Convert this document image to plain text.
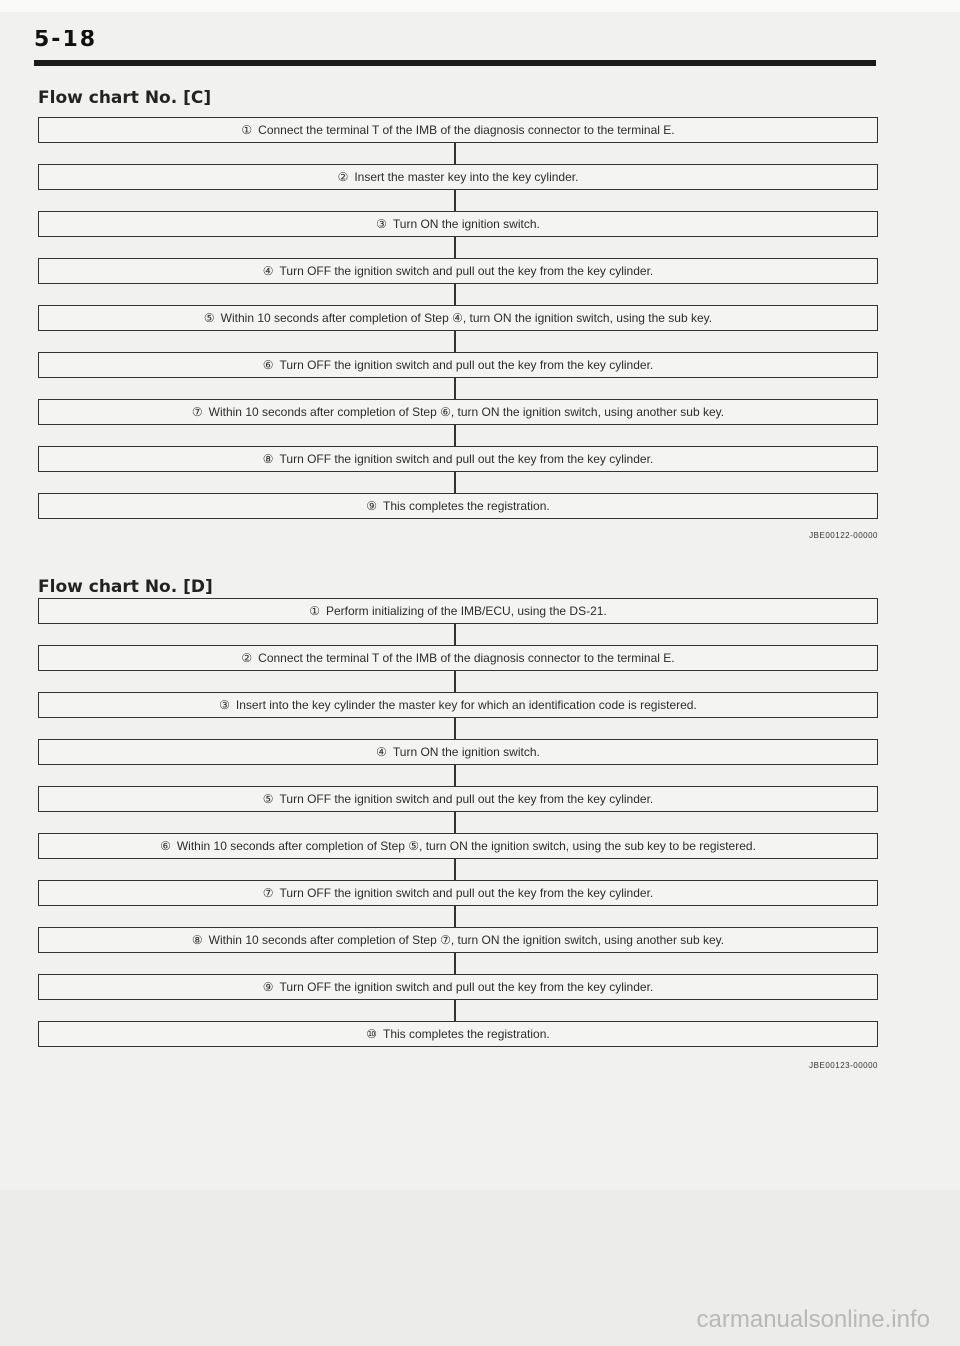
5-18
Flow chart No. [C]
① Connect the terminal T of the IMB of the diagnosis connector to the terminal E.
② Insert the master key into the key cylinder.
③ Turn ON the ignition switch.
④ Turn OFF the ignition switch and pull out the key from the key cylinder.
⑤ Within 10 seconds after completion of Step ④, turn ON the ignition switch, using the sub key.
⑥ Turn OFF the ignition switch and pull out the key from the key cylinder.
⑦ Within 10 seconds after completion of Step ⑥, turn ON the ignition switch, using another sub key.
⑧ Turn OFF the ignition switch and pull out the key from the key cylinder.
⑨ This completes the registration.
JBE00122-00000
Flow chart No. [D]
① Perform initializing of the IMB/ECU, using the DS-21.
② Connect the terminal T of the IMB of the diagnosis connector to the terminal E.
③ Insert into the key cylinder the master key for which an identification code is registered.
④ Turn ON the ignition switch.
⑤ Turn OFF the ignition switch and pull out the key from the key cylinder.
⑥ Within 10 seconds after completion of Step ⑤, turn ON the ignition switch, using the sub key to be registered.
⑦ Turn OFF the ignition switch and pull out the key from the key cylinder.
⑧ Within 10 seconds after completion of Step ⑦, turn ON the ignition switch, using another sub key.
⑨ Turn OFF the ignition switch and pull out the key from the key cylinder.
⑩ This completes the registration.
JBE00123-00000
carmanualsonline.info
